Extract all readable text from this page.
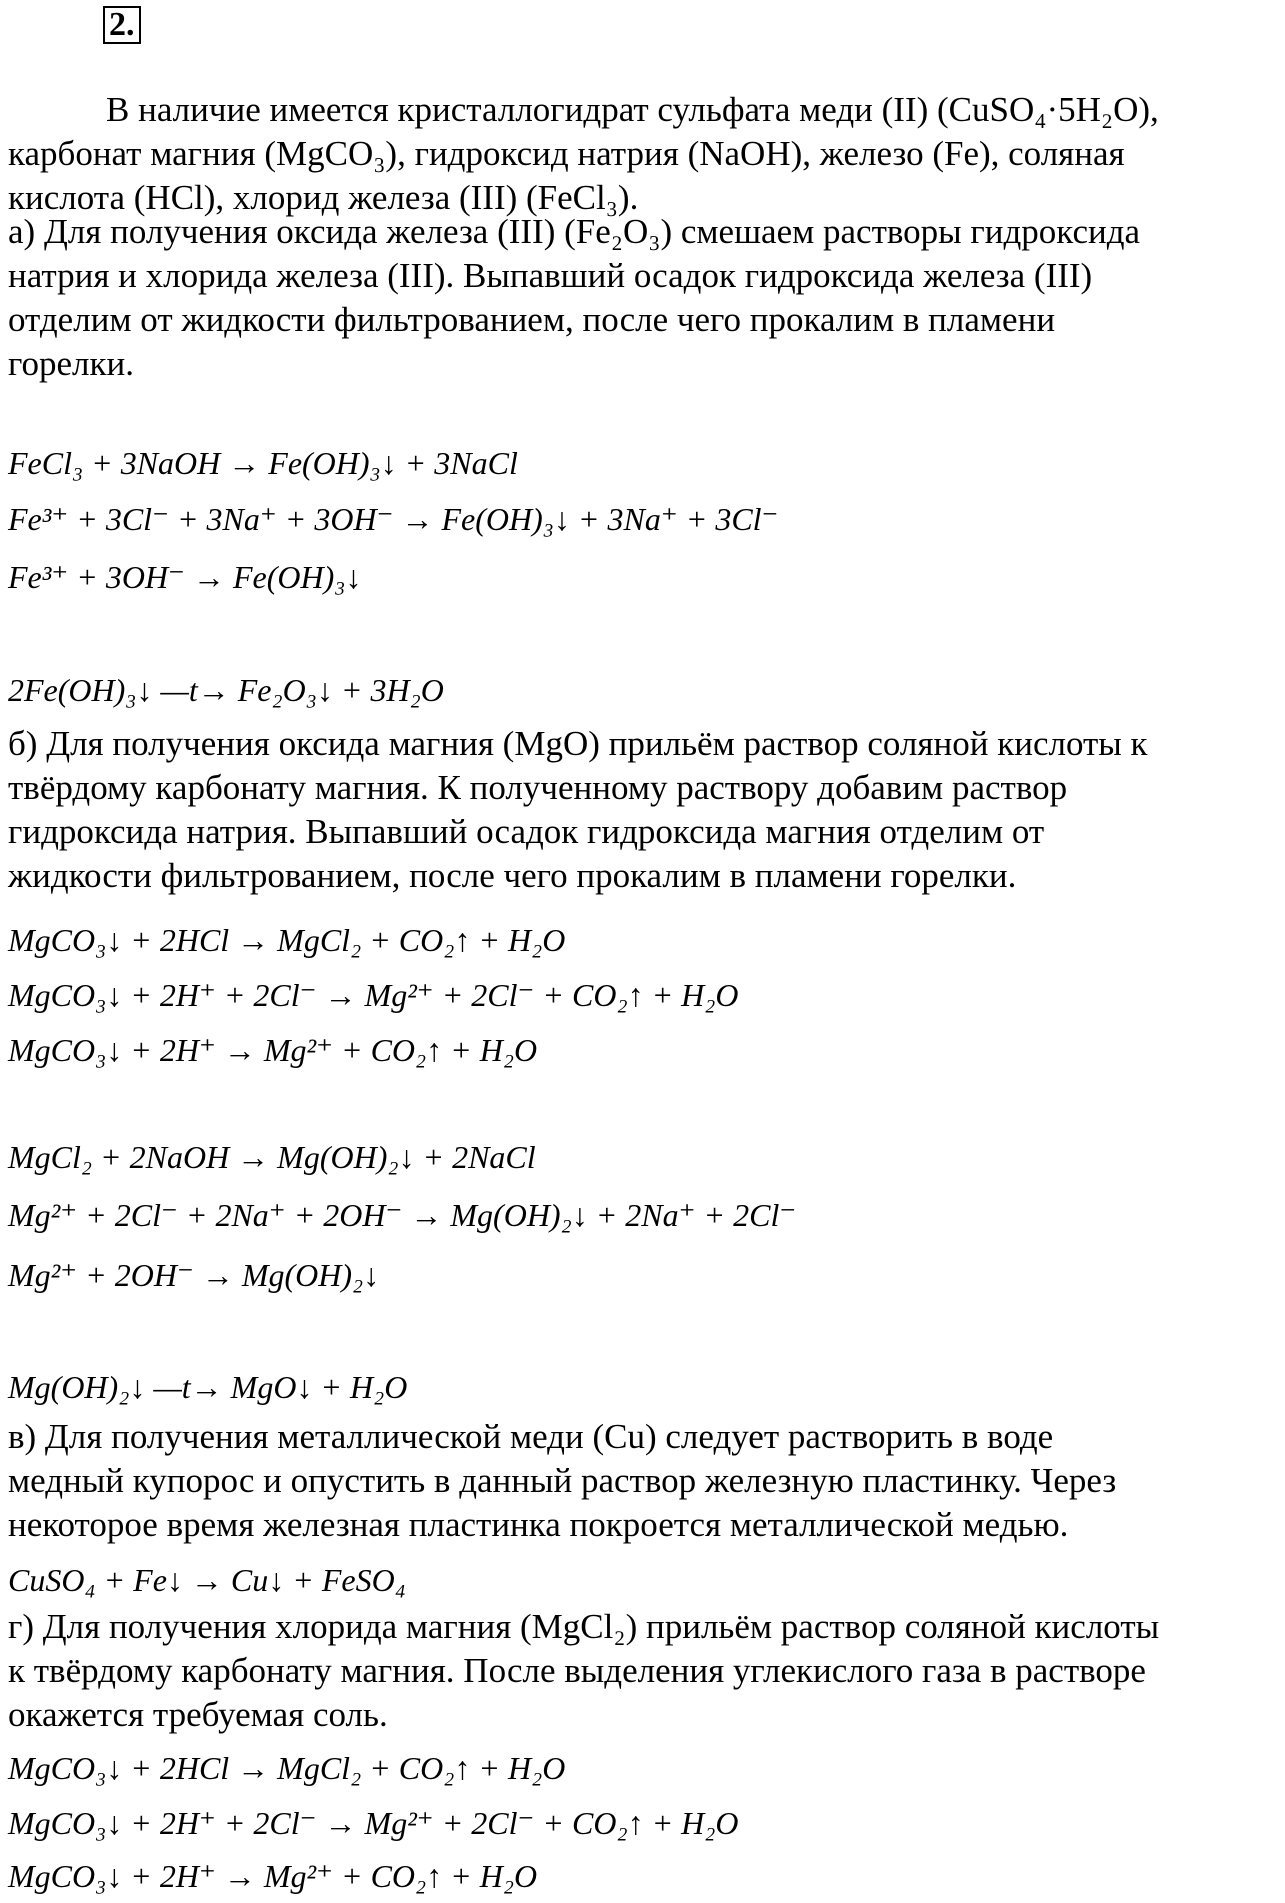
2.
В наличие имеется кристаллогидрат сульфата меди (II) (CuSO₄·5H₂O),
карбонат магния (MgCO₃), гидроксид натрия (NaOH), железо (Fe), соляная
кислота (HCl), хлорид железа (III) (FeCl₃).
а) Для получения оксида железа (III) (Fe₂O₃) смешаем растворы гидроксида
натрия и хлорида железа (III). Выпавший осадок гидроксида железа (III)
отделим от жидкости фильтрованием, после чего прокалим в пламени
горелки.
FeCl₃ + 3NaOH → Fe(OH)₃↓ + 3NaCl
Fe³⁺ + 3Cl⁻ + 3Na⁺ + 3OH⁻ → Fe(OH)₃↓ + 3Na⁺ + 3Cl⁻
Fe³⁺ + 3OH⁻ → Fe(OH)₃↓
2Fe(OH)₃↓ —t→ Fe₂O₃↓ + 3H₂O
б) Для получения оксида магния (MgO) прильём раствор соляной кислоты к
твёрдому карбонату магния. К полученному раствору добавим раствор
гидроксида натрия. Выпавший осадок гидроксида магния отделим от
жидкости фильтрованием, после чего прокалим в пламени горелки.
MgCO₃↓ + 2HCl → MgCl₂ + CO₂↑ + H₂O
MgCO₃↓ + 2H⁺ + 2Cl⁻ → Mg²⁺ + 2Cl⁻ + CO₂↑ + H₂O
MgCO₃↓ + 2H⁺ → Mg²⁺ + CO₂↑ + H₂O
MgCl₂ + 2NaOH → Mg(OH)₂↓ + 2NaCl
Mg²⁺ + 2Cl⁻ + 2Na⁺ + 2OH⁻ → Mg(OH)₂↓ + 2Na⁺ + 2Cl⁻
Mg²⁺ + 2OH⁻ → Mg(OH)₂↓
Mg(OH)₂↓ —t→ MgO↓ + H₂O
в) Для получения металлической меди (Cu) следует растворить в воде
медный купорос и опустить в данный раствор железную пластинку. Через
некоторое время железная пластинка покроется металлической медью.
CuSO₄ + Fe↓ → Cu↓ + FeSO₄
г) Для получения хлорида магния (MgCl₂) прильём раствор соляной кислоты
к твёрдому карбонату магния. После выделения углекислого газа в растворе
окажется требуемая соль.
MgCO₃↓ + 2HCl → MgCl₂ + CO₂↑ + H₂O
MgCO₃↓ + 2H⁺ + 2Cl⁻ → Mg²⁺ + 2Cl⁻ + CO₂↑ + H₂O
MgCO₃↓ + 2H⁺ → Mg²⁺ + CO₂↑ + H₂O
